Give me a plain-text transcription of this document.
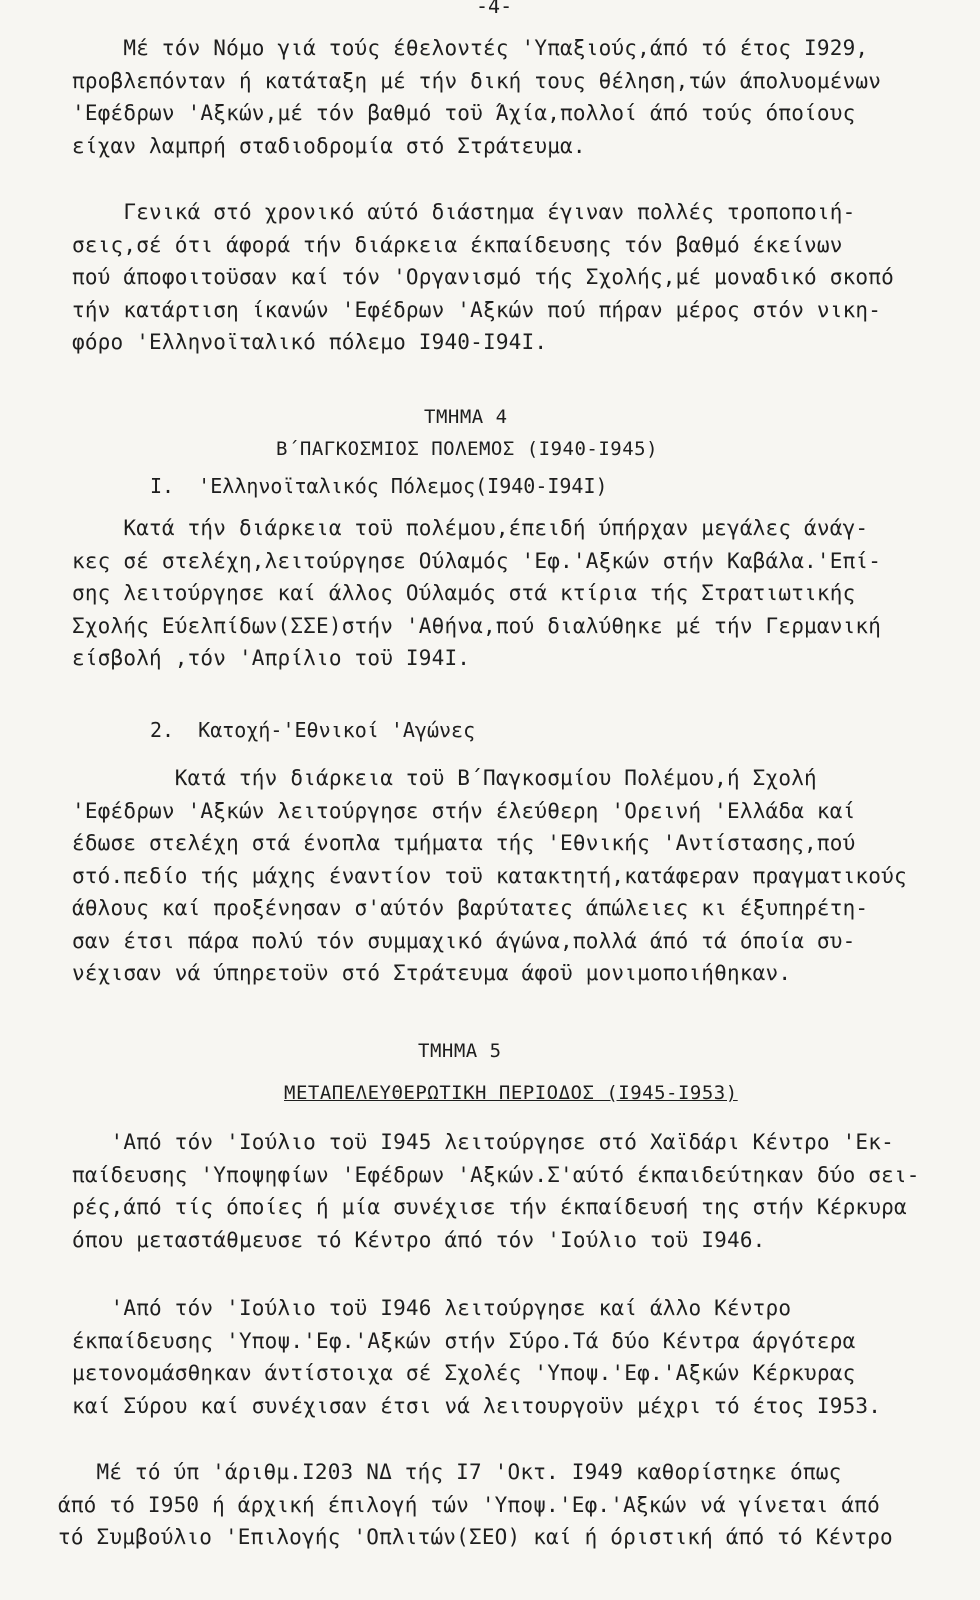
-4-
Μέ τόν Νόμο γιά τούς έθελοντές 'Υπαξιούς,άπό τό έτος I929,
προβλεπόνταν ή κατάταξη μέ τήν δική τους θέληση,τών άπολυομένων
'Εφέδρων 'Αξκών,μέ τόν βαθμό τοϋ Άχία,πολλοί άπό τούς όποίους
είχαν λαμπρή σταδιοδρομία στό Στράτευμα.
Γενικά στό χρονικό αύτό διάστημα έγιναν πολλές τροποποιή-
σεις,σέ ότι άφορά τήν διάρκεια έκπαίδευσης τόν βαθμό έκείνων
πού άποφοιτοϋσαν καί τόν 'Οργανισμό τής Σχολής,μέ μοναδικό σκοπό
τήν κατάρτιση ίκανών 'Εφέδρων 'Αξκών πού πήραν μέρος στόν νικη-
φόρο 'Ελληνοϊταλικό πόλεμο I940-I94I.
ΤΜΗΜΑ 4
Β΄ΠΑΓΚΟΣΜΙΟΣ ΠΟΛΕΜΟΣ (I940-I945)
I.  'Ελληνοϊταλικός Πόλεμος(I940-I94I)
Κατά τήν διάρκεια τοϋ πολέμου,έπειδή ύπήρχαν μεγάλες άνάγ-
κες σέ στελέχη,λειτούργησε Ούλαμός 'Εφ.'Αξκών στήν Καβάλα.'Επί-
σης λειτούργησε καί άλλος Ούλαμός στά κτίρια τής Στρατιωτικής
Σχολής Εύελπίδων(ΣΣΕ)στήν 'Αθήνα,πού διαλύθηκε μέ τήν Γερμανική
είσβολή ,τόν 'Απρίλιο τοϋ I94I.
2.  Κατοχή-'Εθνικοί 'Αγώνες
Κατά τήν διάρκεια τοϋ Β΄Παγκοσμίου Πολέμου,ή Σχολή
'Εφέδρων 'Αξκών λειτούργησε στήν έλεύθερη 'Ορεινή 'Ελλάδα καί
έδωσε στελέχη στά ένοπλα τμήματα τής 'Εθνικής 'Αντίστασης,πού
στό.πεδίο τής μάχης έναντίον τοϋ κατακτητή,κατάφεραν πραγματικούς
άθλους καί προξένησαν σ'αύτόν βαρύτατες άπώλειες κι έξυπηρέτη-
σαν έτσι πάρα πολύ τόν συμμαχικό άγώνα,πολλά άπό τά όποία συ-
νέχισαν νά ύπηρετοϋν στό Στράτευμα άφοϋ μονιμοποιήθηκαν.
ΤΜΗΜΑ 5
ΜΕΤΑΠΕΛΕΥΘΕΡΩΤΙΚΗ ΠΕΡΙΟΔΟΣ (I945-I953)
'Από τόν 'Ιούλιο τοϋ I945 λειτούργησε στό Χαϊδάρι Κέντρο 'Εκ-
παίδευσης 'Υποψηφίων 'Εφέδρων 'Αξκών.Σ'αύτό έκπαιδεύτηκαν δύο σει-
ρές,άπό τίς όποίες ή μία συνέχισε τήν έκπαίδευσή της στήν Κέρκυρα
όπου μεταστάθμευσε τό Κέντρο άπό τόν 'Ιούλιο τοϋ I946.
'Από τόν 'Ιούλιο τοϋ I946 λειτούργησε καί άλλο Κέντρο
έκπαίδευσης 'Υποψ.'Εφ.'Αξκών στήν Σύρο.Τά δύο Κέντρα άργότερα
μετονομάσθηκαν άντίστοιχα σέ Σχολές 'Υποψ.'Εφ.'Αξκών Κέρκυρας
καί Σύρου καί συνέχισαν έτσι νά λειτουργοϋν μέχρι τό έτος I953.
Μέ τό ύπ 'άριθμ.I203 ΝΔ τής I7 'Οκτ. I949 καθορίστηκε όπως
άπό τό I950 ή άρχική έπιλογή τών 'Υποψ.'Εφ.'Αξκών νά γίνεται άπό
τό Συμβούλιο 'Επιλογής 'Οπλιτών(ΣΕΟ) καί ή όριστική άπό τό Κέντρο
